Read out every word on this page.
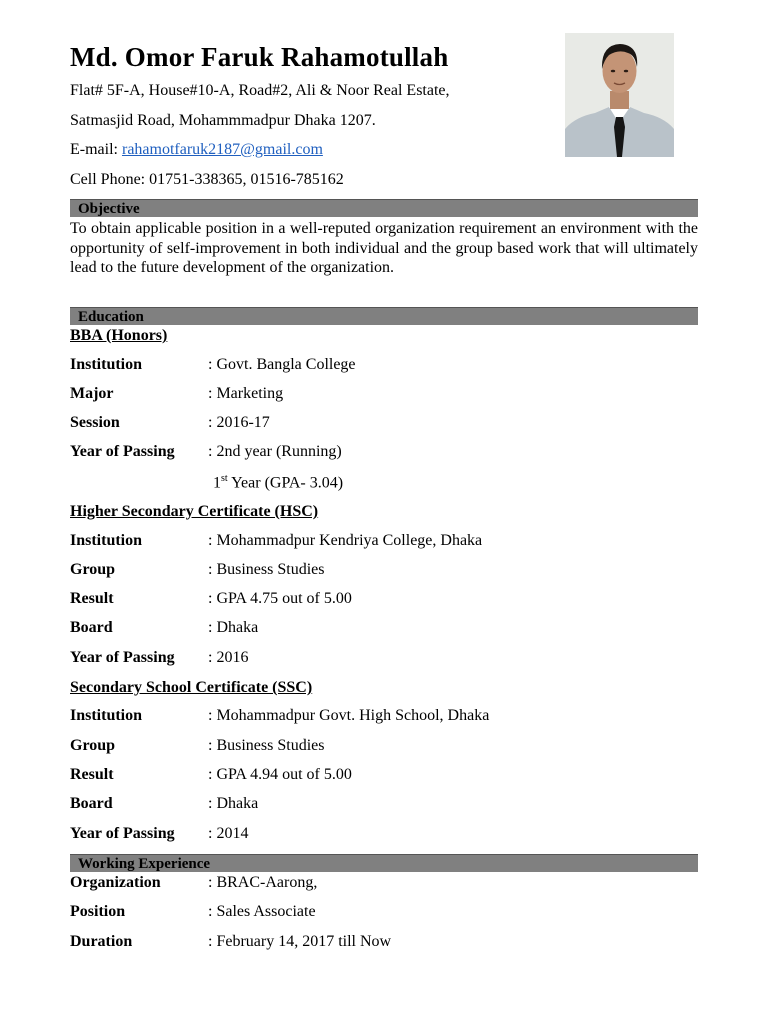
Md. Omor Faruk Rahamotullah
Flat# 5F-A, House#10-A, Road#2, Ali & Noor Real Estate,
Satmasjid Road, Mohammmadpur Dhaka 1207.
E-mail: rahamotfaruk2187@gmail.com
Cell Phone: 01751-338365, 01516-785162
Objective

To obtain applicable position in a well-reputed organization requirement an environment with the opportunity of self-improvement in both individual and the group based work that will ultimately lead to the future development of the organization.

Education
BBA (Honors)
Institution	: Govt. Bangla College
Major	: Marketing
Session	: 2016-17
Year of Passing : 2nd year (Running)
1st Year (GPA- 3.04)
Higher Secondary Certificate (HSC)
Institution	: Mohammadpur Kendriya College, Dhaka
Group	: Business Studies
Result	: GPA 4.75 out of 5.00
Board	: Dhaka
Year of Passing : 2016
Secondary School Certificate (SSC)
Institution	: Mohammadpur Govt. High School, Dhaka
Group	: Business Studies
Result	: GPA 4.94 out of 5.00
Board	: Dhaka
Year of Passing : 2014
Working Experience
Organization	: BRAC-Aarong,
Position	: Sales Associate
Duration	: February 14, 2017 till Now
